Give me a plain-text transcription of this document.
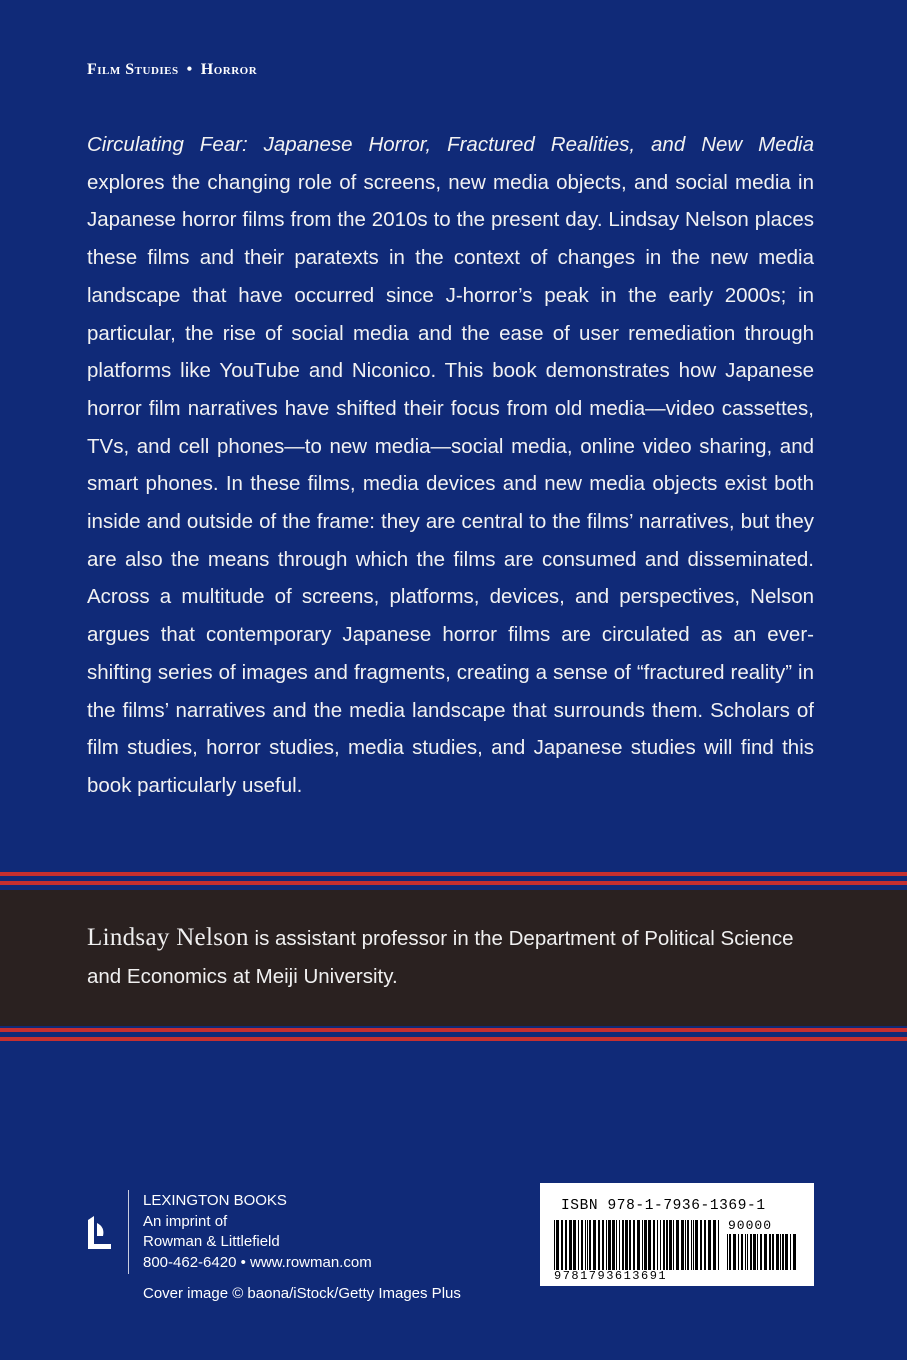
Film Studies • Horror
Circulating Fear: Japanese Horror, Fractured Realities, and New Media explores the changing role of screens, new media objects, and social media in Japanese horror films from the 2010s to the present day. Lindsay Nelson places these films and their paratexts in the context of changes in the new media landscape that have occurred since J-horror’s peak in the early 2000s; in particular, the rise of social media and the ease of user remediation through platforms like YouTube and Niconico. This book demonstrates how Japanese horror film narratives have shifted their focus from old media—video cassettes, TVs, and cell phones—to new media—social media, online video sharing, and smart phones. In these films, media devices and new media objects exist both inside and outside of the frame: they are central to the films’ narratives, but they are also the means through which the films are consumed and disseminated. Across a multitude of screens, platforms, devices, and perspectives, Nelson argues that contemporary Japanese horror films are circulated as an ever-shifting series of images and fragments, creating a sense of “fractured reality” in the films’ narratives and the media landscape that surrounds them. Scholars of film studies, horror studies, media studies, and Japanese studies will find this book particularly useful.
Lindsay Nelson is assistant professor in the Department of Political Science and Economics at Meiji University.
LEXINGTON BOOKS
An imprint of
Rowman & Littlefield
800-462-6420 • www.rowman.com
Cover image © baona/iStock/Getty Images Plus
ISBN 978-1-7936-1369-1
90000
9781793613691
